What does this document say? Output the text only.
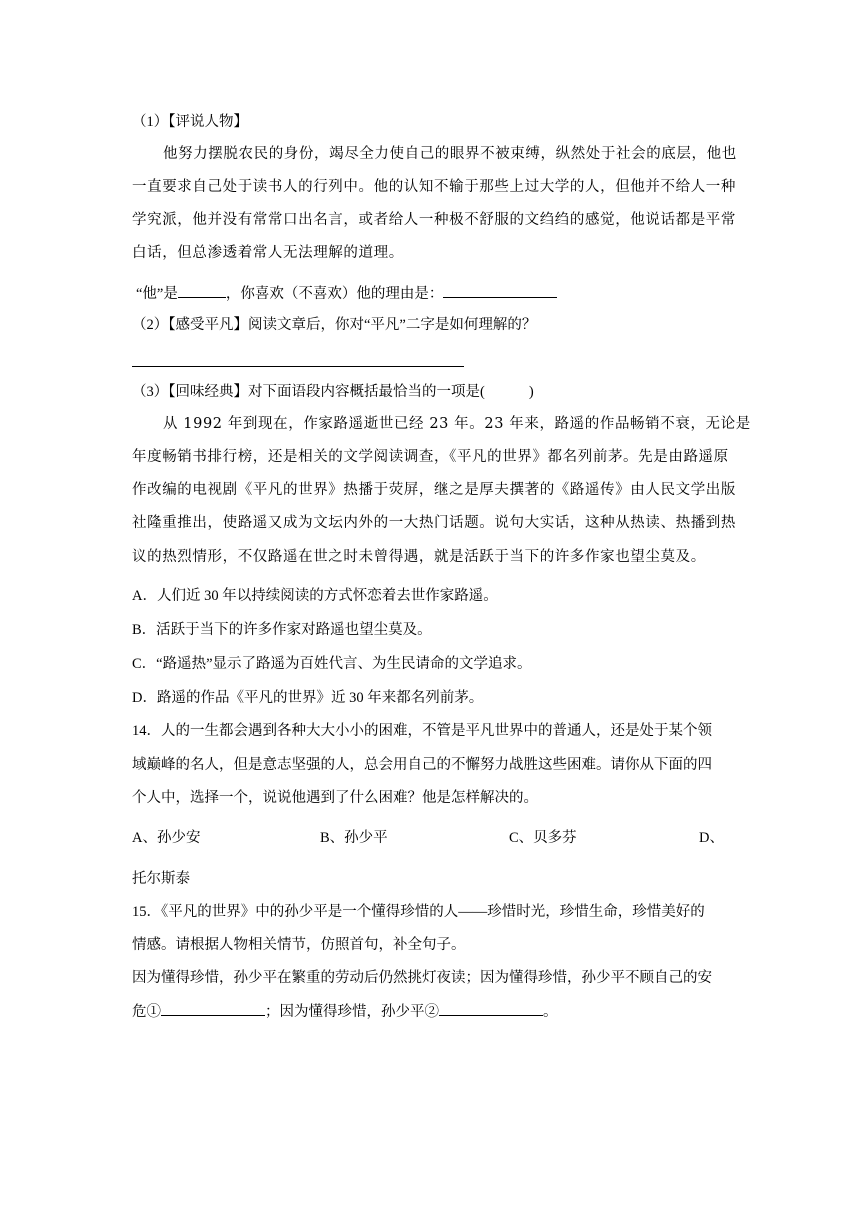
（1）【评说人物】
他努力摆脱农民的身份，竭尽全力使自己的眼界不被束缚，纵然处于社会的底层，他也
一直要求自己处于读书人的行列中。他的认知不输于那些上过大学的人，但他并不给人一种
学究派，他并没有常常口出名言，或者给人一种极不舒服的文绉绉的感觉，他说话都是平常
白话，但总渗透着常人无法理解的道理。
“他”是	，你喜欢（不喜欢）他的理由是：
（2）【感受平凡】阅读文章后，你对“平凡”二字是如何理解的？
（3）【回味经典】对下面语段内容概括最恰当的一项是(	)
从 1992 年到现在，作家路遥逝世已经 23 年。23 年来，路遥的作品畅销不衰，无论是
年度畅销书排行榜，还是相关的文学阅读调查，《平凡的世界》都名列前茅。先是由路遥原
作改编的电视剧《平凡的世界》热播于荧屏，继之是厚夫撰著的《路遥传》由人民文学出版
社隆重推出，使路遥又成为文坛内外的一大热门话题。说句大实话，这种从热读、热播到热
议的热烈情形，不仅路遥在世之时未曾得遇，就是活跃于当下的许多作家也望尘莫及。
A．人们近 30 年以持续阅读的方式怀恋着去世作家路遥。
B．活跃于当下的许多作家对路遥也望尘莫及。
C．“路遥热”显示了路遥为百姓代言、为生民请命的文学追求。
D．路遥的作品《平凡的世界》近 30 年来都名列前茅。
14．人的一生都会遇到各种大大小小的困难，不管是平凡世界中的普通人，还是处于某个领
域巅峰的名人，但是意志坚强的人，总会用自己的不懈努力战胜这些困难。请你从下面的四
个人中，选择一个，说说他遇到了什么困难？他是怎样解决的。
A、孙少安	B、孙少平	C、贝多芬	D、
托尔斯泰
15．《平凡的世界》中的孙少平是一个懂得珍惜的人——珍惜时光，珍惜生命，珍惜美好的
情感。请根据人物相关情节，仿照首句，补全句子。
因为懂得珍惜，孙少平在繁重的劳动后仍然挑灯夜读；因为懂得珍惜，孙少平不顾自己的安
危①	；因为懂得珍惜，孙少平②	。
